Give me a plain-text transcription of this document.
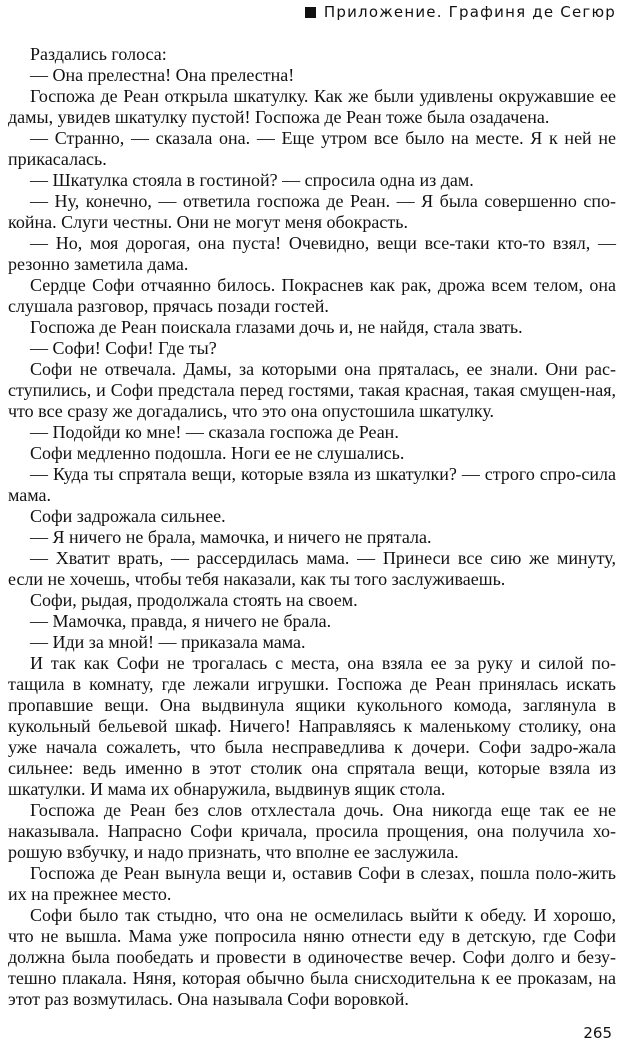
Приложение. Графиня де Сегюр

Раздались голоса:

— Она прелестна! Она прелестна!

Госпожа де Реан открыла шкатулку. Как же были удивлены окружавшие ее дамы, увидев шкатулку пустой! Госпожа де Реан тоже была озадачена.

— Странно, — сказала она. — Еще утром все было на месте. Я к ней не прикасалась.

— Шкатулка стояла в гостиной? — спросила одна из дам.

— Ну, конечно, — ответила госпожа де Реан. — Я была совершенно спо-койна. Слуги честны. Они не могут меня обокрасть.

— Но, моя дорогая, она пуста! Очевидно, вещи все-таки кто-то взял, — резонно заметила дама.

Сердце Софи отчаянно билось. Покраснев как рак, дрожа всем телом, она слушала разговор, прячась позади гостей.

Госпожа де Реан поискала глазами дочь и, не найдя, стала звать.

— Софи! Софи! Где ты?

Софи не отвечала. Дамы, за которыми она пряталась, ее знали. Они рас-ступились, и Софи предстала перед гостями, такая красная, такая смущен-ная, что все сразу же догадались, что это она опустошила шкатулку.

— Подойди ко мне! — сказала госпожа де Реан.

Софи медленно подошла. Ноги ее не слушались.

— Куда ты спрятала вещи, которые взяла из шкатулки? — строго спро-сила мама.

Софи задрожала сильнее.

— Я ничего не брала, мамочка, и ничего не прятала.

— Хватит врать, — рассердилась мама. — Принеси все сию же минуту, если не хочешь, чтобы тебя наказали, как ты того заслуживаешь.

Софи, рыдая, продолжала стоять на своем.

— Мамочка, правда, я ничего не брала.

— Иди за мной! — приказала мама.

И так как Софи не трогалась с места, она взяла ее за руку и силой по-тащила в комнату, где лежали игрушки. Госпожа де Реан принялась искать пропавшие вещи. Она выдвинула ящики кукольного комода, заглянула в кукольный бельевой шкаф. Ничего! Направляясь к маленькому столику, она уже начала сожалеть, что была несправедлива к дочери. Софи задро-жала сильнее: ведь именно в этот столик она спрятала вещи, которые взяла из шкатулки. И мама их обнаружила, выдвинув ящик стола.

Госпожа де Реан без слов отхлестала дочь. Она никогда еще так ее не наказывала. Напрасно Софи кричала, просила прощения, она получила хо-рошую взбучку, и надо признать, что вполне ее заслужила.

Госпожа де Реан вынула вещи и, оставив Софи в слезах, пошла поло-жить их на прежнее место.

Софи было так стыдно, что она не осмелилась выйти к обеду. И хорошо, что не вышла. Мама уже попросила няню отнести еду в детскую, где Софи должна была пообедать и провести в одиночестве вечер. Софи долго и безу-тешно плакала. Няня, которая обычно была снисходительна к ее проказам, на этот раз возмутилась. Она называла Софи воровкой.

265
